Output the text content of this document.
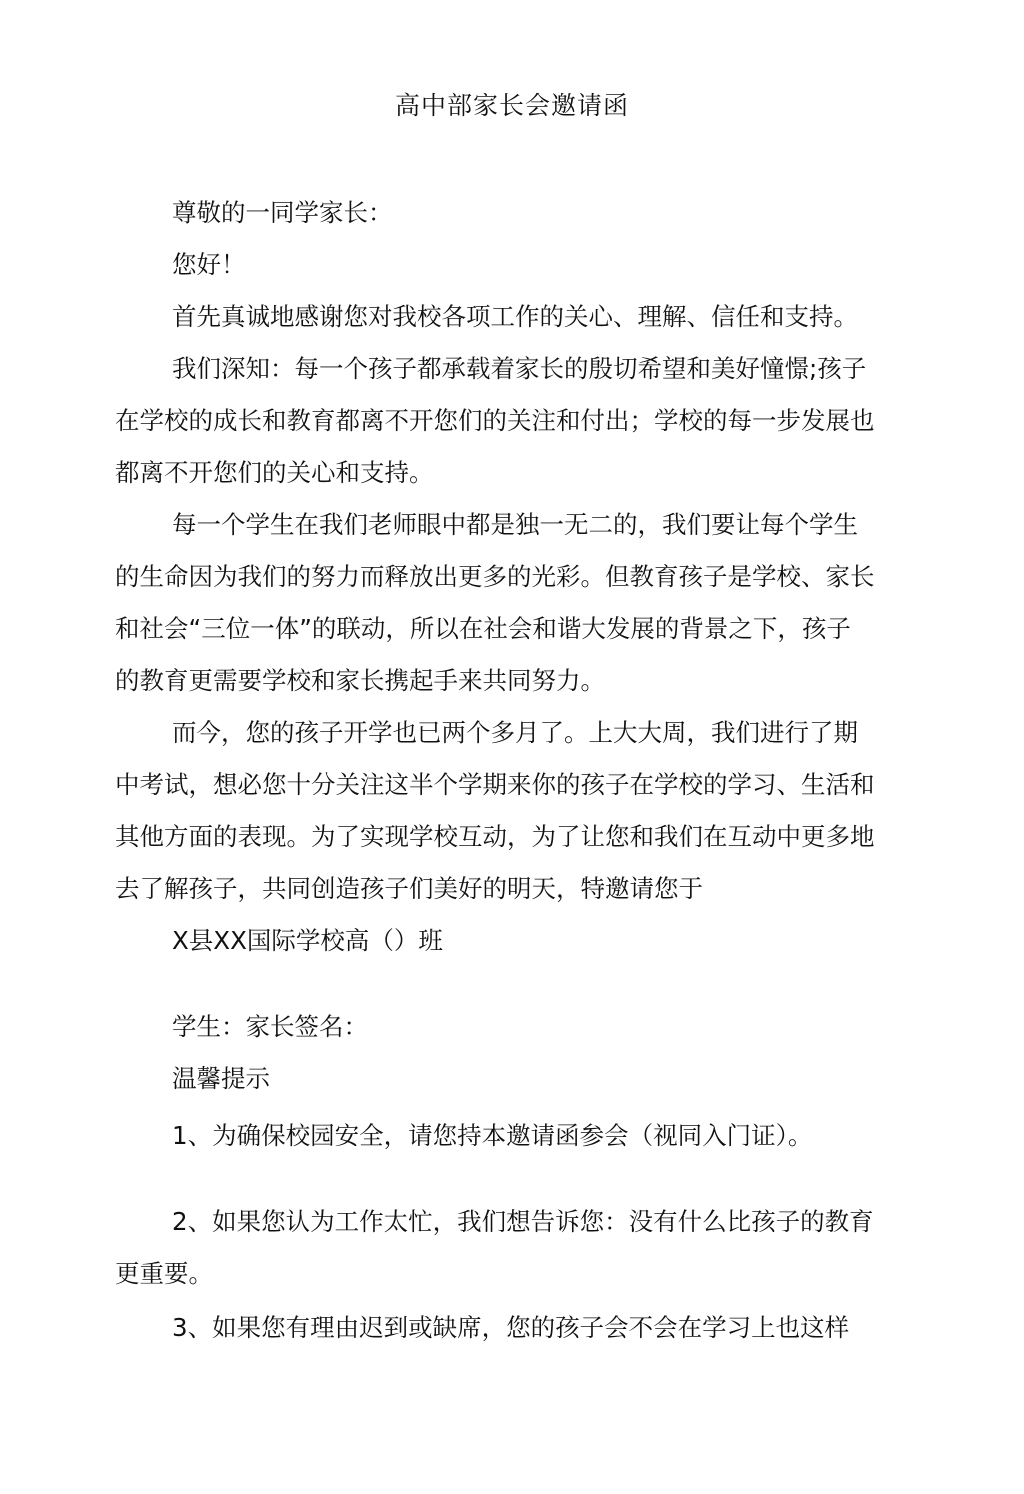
高中部家长会邀请函

尊敬的一同学家长：

您好！

首先真诚地感谢您对我校各项工作的关心、理解、信任和支持。

我们深知：每一个孩子都承载着家长的殷切希望和美好憧憬;孩子在学校的成长和教育都离不开您们的关注和付出；学校的每一步发展也都离不开您们的关心和支持。

每一个学生在我们老师眼中都是独一无二的，我们要让每个学生的生命因为我们的努力而释放出更多的光彩。但教育孩子是学校、家长和社会“三位一体”的联动，所以在社会和谐大发展的背景之下，孩子的教育更需要学校和家长携起手来共同努力。

而今，您的孩子开学也已两个多月了。上大大周，我们进行了期中考试，想必您十分关注这半个学期来你的孩子在学校的学习、生活和其他方面的表现。为了实现学校互动，为了让您和我们在互动中更多地去了解孩子，共同创造孩子们美好的明天，特邀请您于

X县XX国际学校高（）班

学生：家长签名：

温馨提示

1、为确保校园安全，请您持本邀请函参会（视同入门证）。

2、如果您认为工作太忙，我们想告诉您：没有什么比孩子的教育更重要。

3、如果您有理由迟到或缺席，您的孩子会不会在学习上也这样
